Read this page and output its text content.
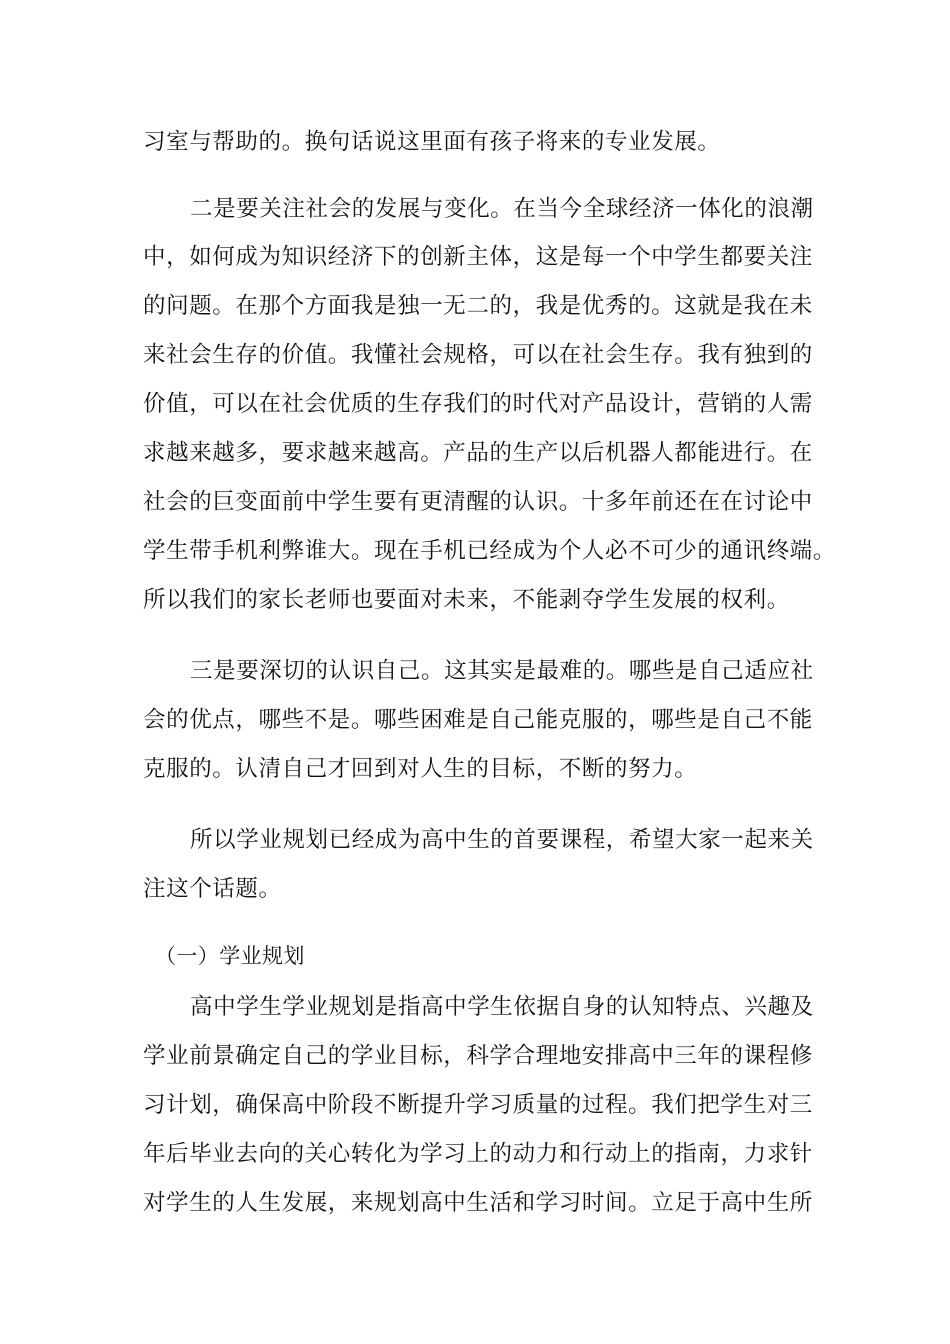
习室与帮助的。换句话说这里面有孩子将来的专业发展。
二是要关注社会的发展与变化。在当今全球经济一体化的浪潮
中，如何成为知识经济下的创新主体，这是每一个中学生都要关注
的问题。在那个方面我是独一无二的，我是优秀的。这就是我在未
来社会生存的价值。我懂社会规格，可以在社会生存。我有独到的
价值，可以在社会优质的生存我们的时代对产品设计，营销的人需
求越来越多，要求越来越高。产品的生产以后机器人都能进行。在
社会的巨变面前中学生要有更清醒的认识。十多年前还在在讨论中
学生带手机利弊谁大。现在手机已经成为个人必不可少的通讯终端。
所以我们的家长老师也要面对未来，不能剥夺学生发展的权利。
三是要深切的认识自己。这其实是最难的。哪些是自己适应社
会的优点，哪些不是。哪些困难是自己能克服的，哪些是自己不能
克服的。认清自己才回到对人生的目标，不断的努力。
所以学业规划已经成为高中生的首要课程，希望大家一起来关
注这个话题。
（一）学业规划
高中学生学业规划是指高中学生依据自身的认知特点、兴趣及
学业前景确定自己的学业目标，科学合理地安排高中三年的课程修
习计划，确保高中阶段不断提升学习质量的过程。我们把学生对三
年后毕业去向的关心转化为学习上的动力和行动上的指南，力求针
对学生的人生发展，来规划高中生活和学习时间。立足于高中生所
